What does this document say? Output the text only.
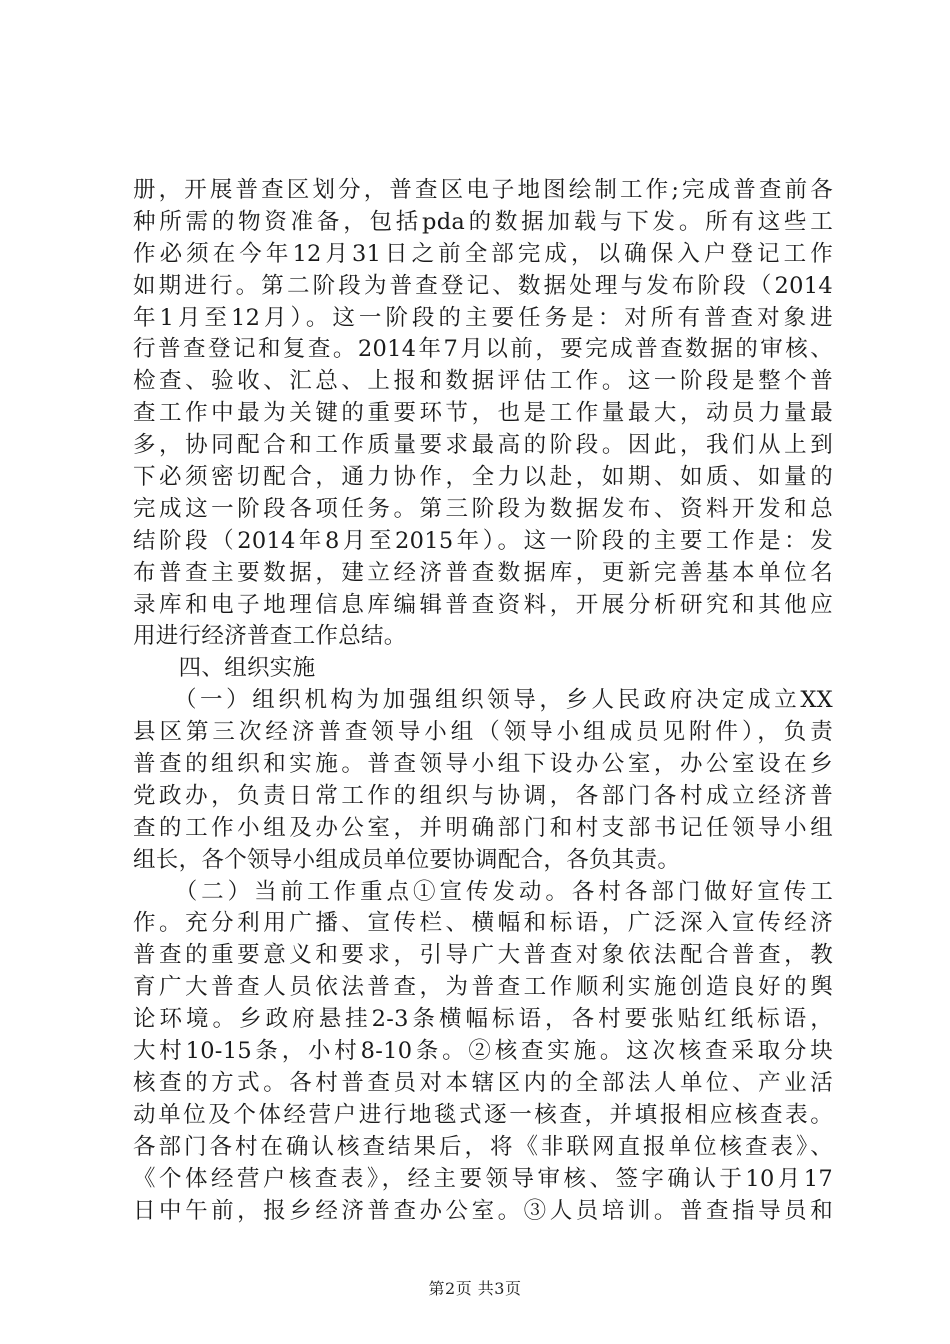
册，开展普查区划分，普查区电子地图绘制工作;完成普查前各
种所需的物资准备，包括pda的数据加载与下发。所有这些工
作必须在今年12月31日之前全部完成，以确保入户登记工作
如期进行。第二阶段为普查登记、数据处理与发布阶段（2014
年1月至12月）。这一阶段的主要任务是：对所有普查对象进
行普查登记和复查。2014年7月以前，要完成普查数据的审核、
检查、验收、汇总、上报和数据评估工作。这一阶段是整个普
查工作中最为关键的重要环节，也是工作量最大，动员力量最
多，协同配合和工作质量要求最高的阶段。因此，我们从上到
下必须密切配合，通力协作，全力以赴，如期、如质、如量的
完成这一阶段各项任务。第三阶段为数据发布、资料开发和总
结阶段（2014年8月至2015年）。这一阶段的主要工作是：发
布普查主要数据，建立经济普查数据库，更新完善基本单位名
录库和电子地理信息库编辑普查资料，开展分析研究和其他应
用进行经济普查工作总结。
　　四、组织实施
　　（一）组织机构为加强组织领导，乡人民政府决定成立XX
县区第三次经济普查领导小组（领导小组成员见附件），负责
普查的组织和实施。普查领导小组下设办公室，办公室设在乡
党政办，负责日常工作的组织与协调，各部门各村成立经济普
查的工作小组及办公室，并明确部门和村支部书记任领导小组
组长，各个领导小组成员单位要协调配合，各负其责。
　　（二）当前工作重点①宣传发动。各村各部门做好宣传工
作。充分利用广播、宣传栏、横幅和标语，广泛深入宣传经济
普查的重要意义和要求，引导广大普查对象依法配合普查，教
育广大普查人员依法普查，为普查工作顺利实施创造良好的舆
论环境。乡政府悬挂2-3条横幅标语，各村要张贴红纸标语，
大村10-15条，小村8-10条。②核查实施。这次核查采取分块
核查的方式。各村普查员对本辖区内的全部法人单位、产业活
动单位及个体经营户进行地毯式逐一核查，并填报相应核查表。
各部门各村在确认核查结果后，将《非联网直报单位核查表》、
《个体经营户核查表》，经主要领导审核、签字确认于10月17
日中午前，报乡经济普查办公室。③人员培训。普查指导员和
第2页 共3页
